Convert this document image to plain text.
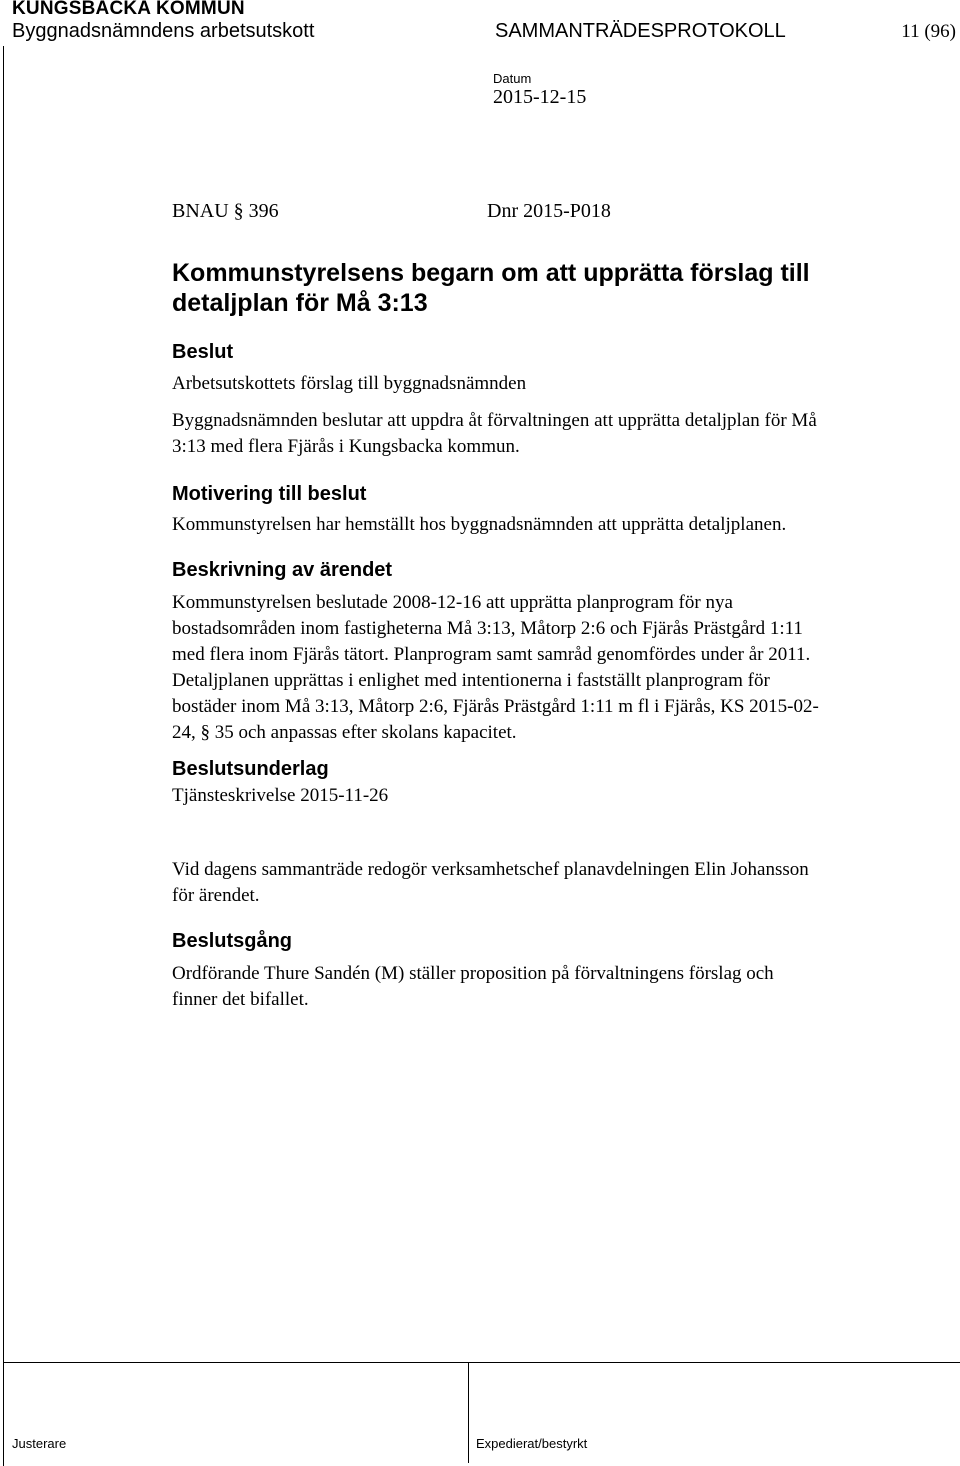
KUNGSBACKA KOMMUN
Byggnadsnämndens arbetsutskott	SAMMANTRÄDESPROTOKOLL	11 (96)
Datum
2015-12-15
BNAU § 396	Dnr 2015-P018
Kommunstyrelsens begarn om att upprätta förslag till
detaljplan för Må 3:13
Beslut
Arbetsutskottets förslag till byggnadsnämnden
Byggnadsnämnden beslutar att uppdra åt förvaltningen att upprätta detaljplan för Må
3:13 med flera Fjärås i Kungsbacka kommun.
Motivering till beslut
Kommunstyrelsen har hemställt hos byggnadsnämnden att upprätta detaljplanen.
Beskrivning av ärendet
Kommunstyrelsen beslutade 2008-12-16 att upprätta planprogram för nya
bostadsområden inom fastigheterna Må 3:13, Måtorp 2:6 och Fjärås Prästgård 1:11
med flera inom Fjärås tätort. Planprogram samt samråd genomfördes under år 2011.
Detaljplanen upprättas i enlighet med intentionerna i fastställt planprogram för
bostäder inom Må 3:13, Måtorp 2:6, Fjärås Prästgård 1:11 m fl i Fjärås, KS 2015-02-
24, § 35 och anpassas efter skolans kapacitet.
Beslutsunderlag
Tjänsteskrivelse 2015-11-26
Vid dagens sammanträde redogör verksamhetschef planavdelningen Elin Johansson
för ärendet.
Beslutsgång
Ordförande Thure Sandén (M) ställer proposition på förvaltningens förslag och
finner det bifallet.
Justerare	Expedierat/bestyrkt
